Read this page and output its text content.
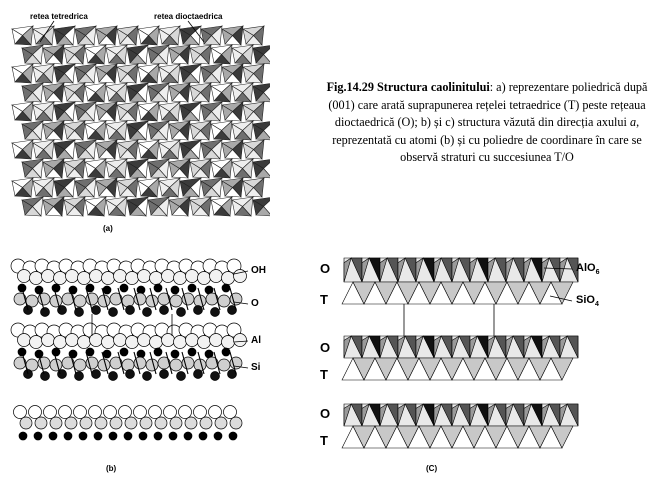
retea tetredrica	retea dioctaedrica
(a)
Fig.14.29 Structura caolinitului: a) reprezentare poliedrică după (001) care arată suprapunerea rețelei tetraedrice (T) peste rețeaua dioctaedrică (O); b) și c) structura văzută din direcția axului a, reprezentată cu atomi (b) și cu poliedre de coordinare în care se observă straturi cu succesiunea T/O
OH
O
Al
Si
(b)
O
T
O
T
O
T
AlO$_6$
SiO$_4$
(C)
